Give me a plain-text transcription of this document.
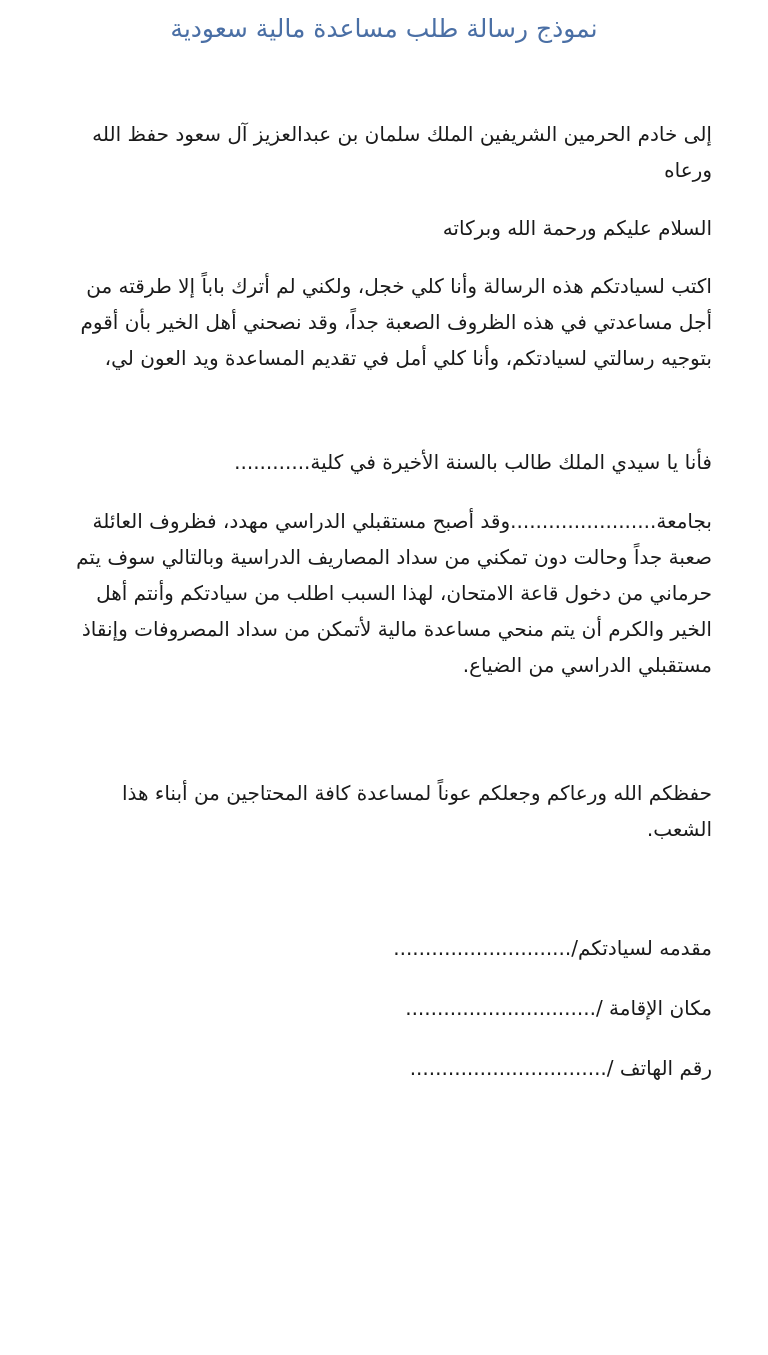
نموذج رسالة طلب مساعدة مالية سعودية

إلى خادم الحرمين الشريفين الملك سلمان بن عبدالعزيز آل سعود حفظ الله ورعاه

السلام عليكم ورحمة الله وبركاته

اكتب لسيادتكم هذه الرسالة وأنا كلي خجل، ولكني لم أترك باباً إلا طرقته من أجل مساعدتي في هذه الظروف الصعبة جداً، وقد نصحني أهل الخير بأن أقوم بتوجيه رسالتي لسيادتكم، وأنا كلي أمل في تقديم المساعدة ويد العون لي،

فأنا يا سيدي الملك طالب بالسنة الأخيرة في كلية............

بجامعة.......................وقد أصبح مستقبلي الدراسي مهدد، فظروف العائلة صعبة جداً وحالت دون تمكني من سداد المصاريف الدراسية وبالتالي سوف يتم حرماني من دخول قاعة الامتحان، لهذا السبب اطلب من سيادتكم وأنتم أهل الخير والكرم أن يتم منحي مساعدة مالية لأتمكن من سداد المصروفات وإنقاذ مستقبلي الدراسي من الضياع.

حفظكم الله ورعاكم وجعلكم عوناً لمساعدة كافة المحتاجين من أبناء هذا الشعب.

مقدمه لسيادتكم/............................

مكان الإقامة /..............................

رقم الهاتف /...............................
